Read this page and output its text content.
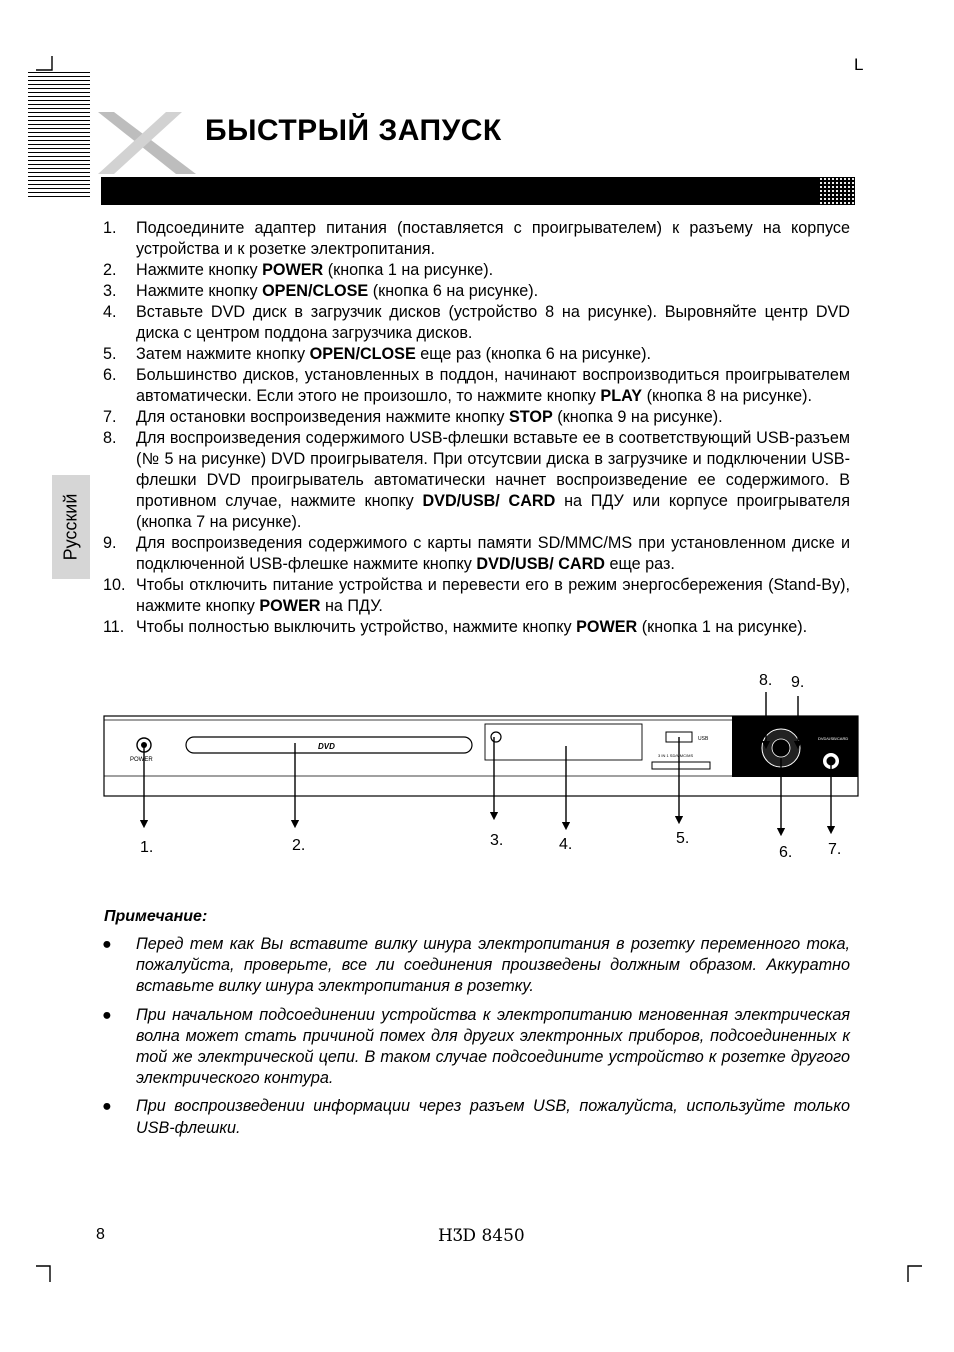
L
БЫСТРЫЙ ЗАПУСК
Русский
1. Подсоедините адаптер питания (поставляется с проигрывателем) к разъему на корпусе устройства и к розетке электропитания.
2. Нажмите кнопку POWER (кнопка 1 на рисунке).
3. Нажмите кнопку OPEN/CLOSE (кнопка 6 на рисунке).
4. Вставьте DVD диск в загрузчик дисков (устройство 8 на рисунке). Выровняйте центр DVD диска с центром поддона загрузчика дисков.
5. Затем нажмите кнопку OPEN/CLOSE еще раз (кнопка 6 на рисунке).
6. Большинство дисков, установленных в поддон, начинают воспроизводиться проигрывателем автоматически. Если этого не произошло, то нажмите кнопку PLAY (кнопка 8 на рисунке).
7. Для остановки воспроизведения нажмите кнопку STOP (кнопка 9 на рисунке).
8. Для воспроизведения содержимого USB-флешки вставьте ее в соответствующий USB-разъем (№ 5 на рисунке) DVD проигрывателя. При отсутсвии диска в загрузчике и подключении USB-флешки DVD проигрыватель автоматически начнет воспроизведение ее содержимого. В противном случае, нажмите кнопку DVD/USB/ CARD на ПДУ или корпусе проигрывателя (кнопка 7 на рисунке).
9. Для воспроизведения содержимого с карты памяти SD/MMC/MS при установленном диске и подключенной USB-флешке нажмите кнопку DVD/USB/ CARD еще раз.
10. Чтобы отключить питание устройства и перевести его в режим энергосбережения (Stand-By), нажмите кнопку POWER на ПДУ.
11. Чтобы полностью выключить устройство, нажмите кнопку POWER (кнопка 1 на рисунке).
POWER
DVD
USB
3 IN 1 SD/MMC/MS
DVD/USB/CARD
1.	2.	3.	4.	5.
6. 7.
8. 9.
Примечание:
● Перед тем как Вы вставите вилку шнура электропитания в розетку переменного тока, пожалуйста, проверьте, все ли соединения произведены должным образом. Аккуратно вставьте вилку шнура электропитания в розетку.
● При начальном подсоединении устройства к электропитанию мгновенная электрическая волна может стать причиной помех для других электронных приборов, подсоединенных к той же электрической цепи. В таком случае подсоедините устройство к розетке другого электрического контура.
● При воспроизведении информации через разъем USB, пожалуйста, используйте только USB-флешки.
8	HƷD 8450
